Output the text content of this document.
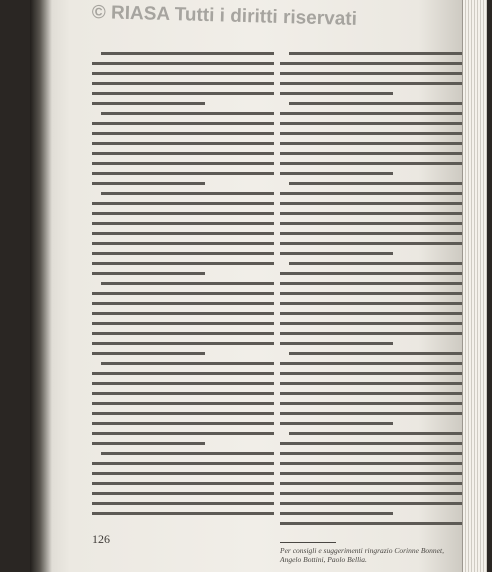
Per consigli e suggerimenti ringrazio Corinne Bonnet, Angelo Bottini, Paolo Bellia.
126
© RIASA Tutti i diritti riservati
